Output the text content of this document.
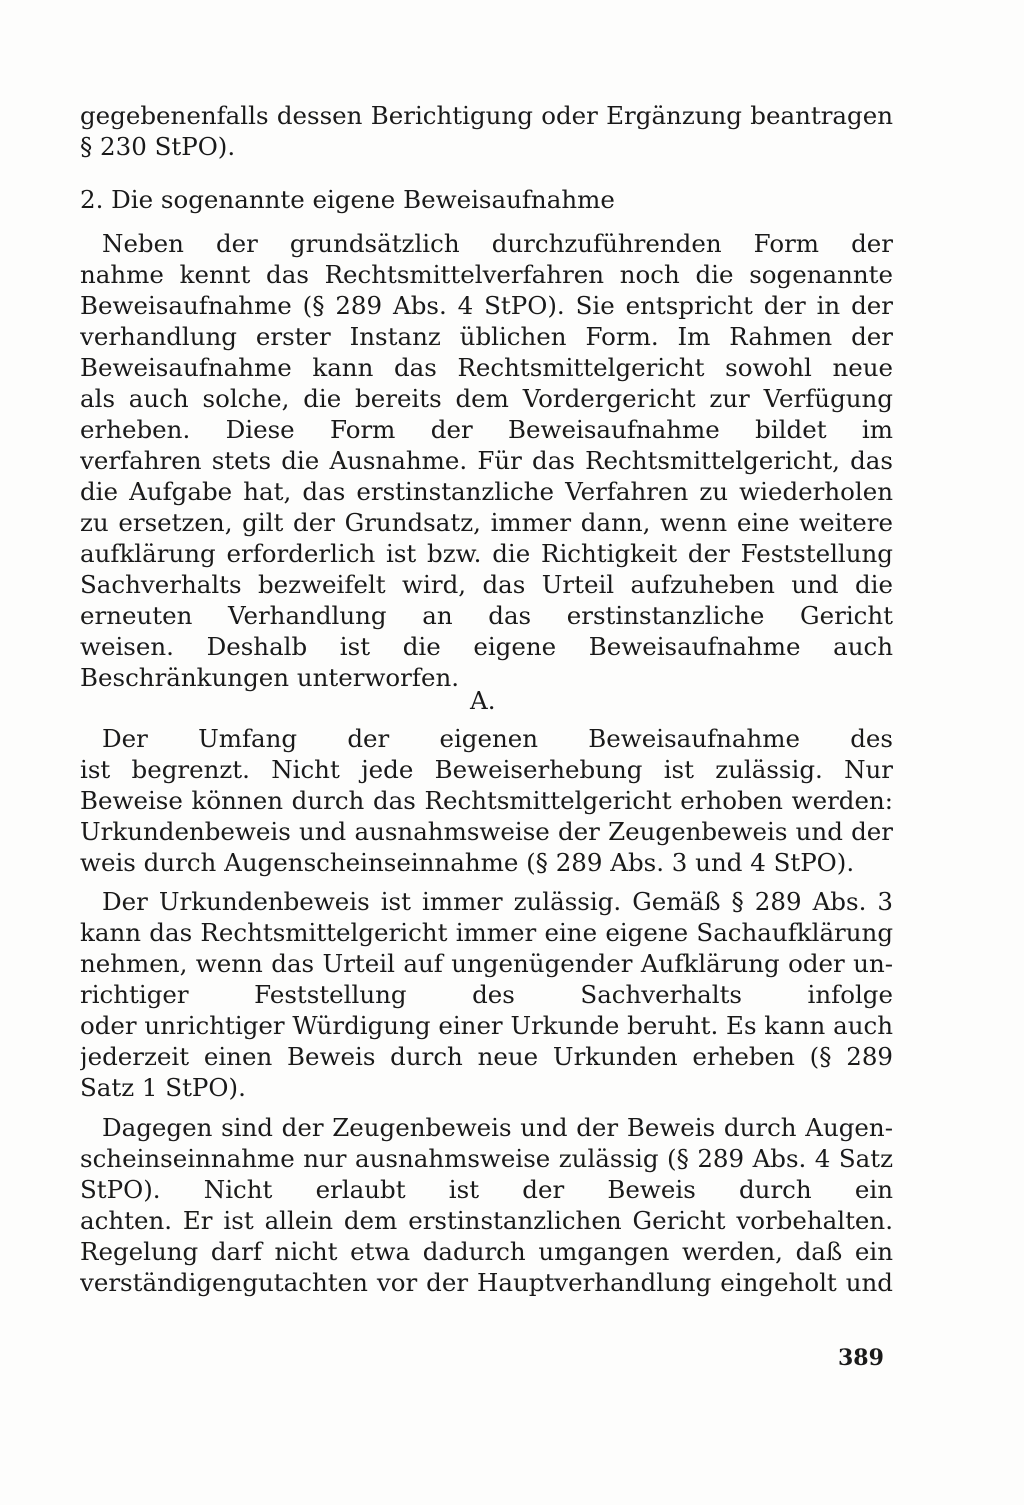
gegebenenfalls dessen Berichtigung oder Ergänzung beantragen
§ 230 StPO).
2. Die sogenannte eigene Beweisaufnahme
Neben der grundsätzlich durchzuführenden Form der
nahme kennt das Rechtsmittelverfahren noch die sogenannte
Beweisaufnahme (§ 289 Abs. 4 StPO). Sie entspricht der in der
verhandlung erster Instanz üblichen Form. Im Rahmen der
Beweisaufnahme kann das Rechtsmittelgericht sowohl neue
als auch solche, die bereits dem Vordergericht zur Verfügung
erheben. Diese Form der Beweisaufnahme bildet im
verfahren stets die Ausnahme. Für das Rechtsmittelgericht, das
die Aufgabe hat, das erstinstanzliche Verfahren zu wiederholen
zu ersetzen, gilt der Grundsatz, immer dann, wenn eine weitere
aufklärung erforderlich ist bzw. die Richtigkeit der Feststellung
Sachverhalts bezweifelt wird, das Urteil aufzuheben und die
erneuten Verhandlung an das erstinstanzliche Gericht
weisen. Deshalb ist die eigene Beweisaufnahme auch
Beschränkungen unterworfen.
A.
Der Umfang der eigenen Beweisaufnahme des
ist begrenzt. Nicht jede Beweiserhebung ist zulässig. Nur
Beweise können durch das Rechtsmittelgericht erhoben werden:
Urkundenbeweis und ausnahmsweise der Zeugenbeweis und der
weis durch Augenscheinseinnahme (§ 289 Abs. 3 und 4 StPO).
Der Urkundenbeweis ist immer zulässig. Gemäß § 289 Abs. 3
kann das Rechtsmittelgericht immer eine eigene Sachaufklärung
nehmen, wenn das Urteil auf ungenügender Aufklärung oder un-
richtiger Feststellung des Sachverhalts infolge
oder unrichtiger Würdigung einer Urkunde beruht. Es kann auch
jederzeit einen Beweis durch neue Urkunden erheben (§ 289
Satz 1 StPO).
Dagegen sind der Zeugenbeweis und der Beweis durch Augen-
scheinseinnahme nur ausnahmsweise zulässig (§ 289 Abs. 4 Satz
StPO). Nicht erlaubt ist der Beweis durch ein
achten. Er ist allein dem erstinstanzlichen Gericht vorbehalten.
Regelung darf nicht etwa dadurch umgangen werden, daß ein
verständigengutachten vor der Hauptverhandlung eingeholt und
389
